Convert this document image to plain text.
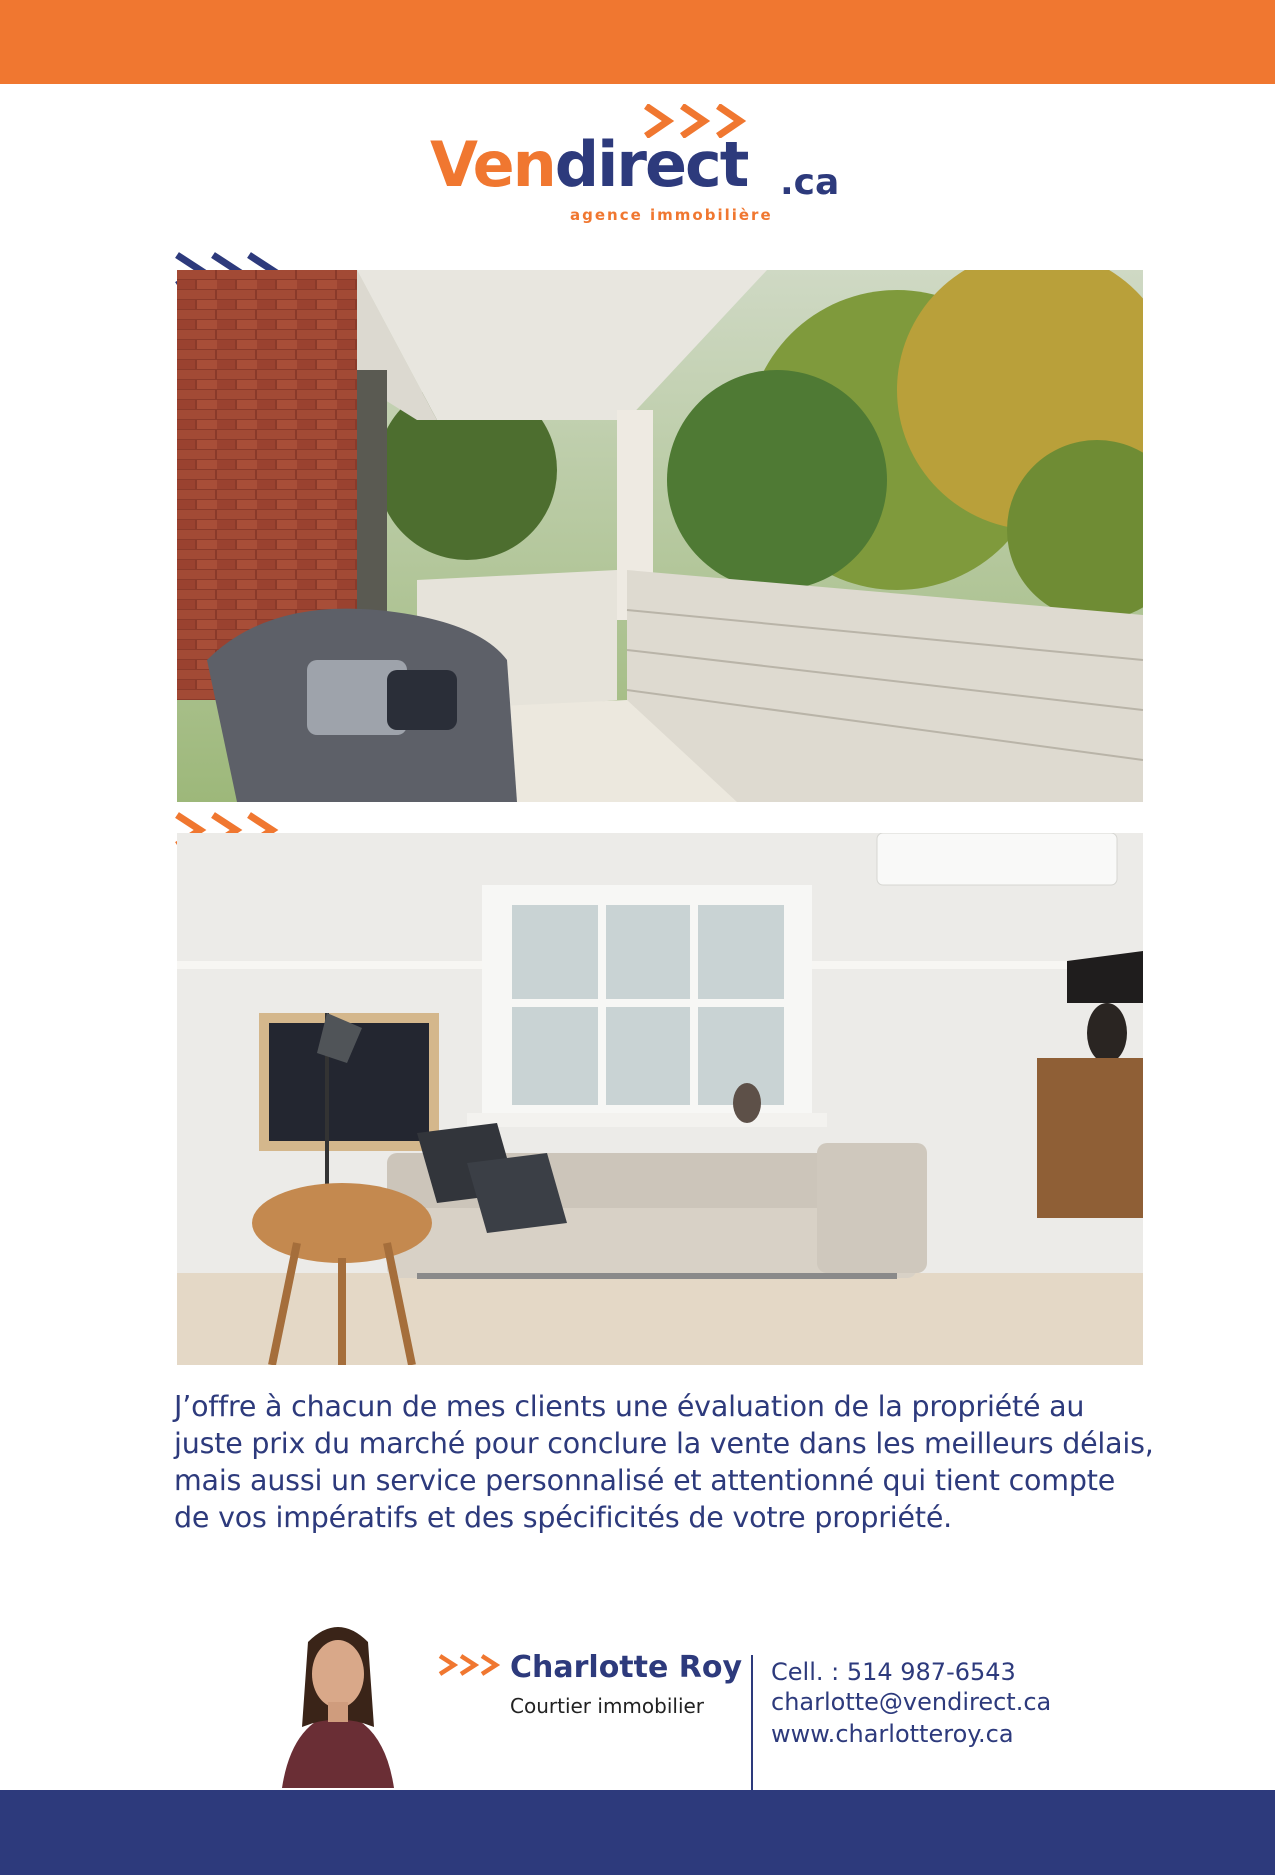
Vendirect .ca
agence immobilière
J’offre à chacun de mes clients une évaluation de la propriété au juste prix du marché pour conclure la vente dans les meilleurs délais, mais aussi un service personnalisé et attentionné qui tient compte de vos impératifs et des spécificités de votre propriété.
Charlotte Roy
Courtier immobilier
Cell. : 514 987-6543
charlotte@vendirect.ca
www.charlotteroy.ca
